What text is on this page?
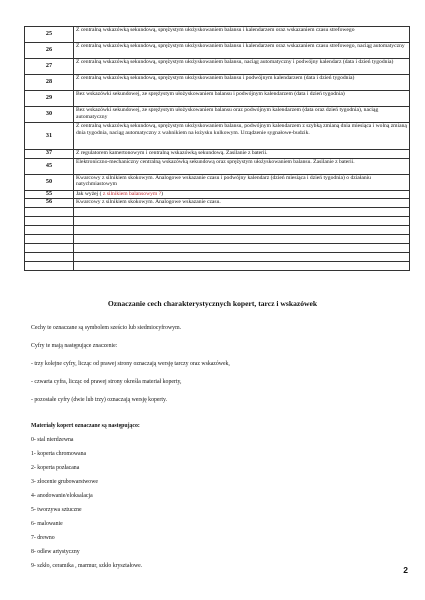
25	Z centralną wskazówką sekundową, sprężystym ułożyskowaniem balansu i kalendarzem oraz wskazaniem czasu strefowego
26	Z centralną wskazówką sekundową, sprężystym ułożyskowaniem balansu i kalendarzem oraz wskazaniem czasu strefowego, naciąg automatyczny
27	Z centralną wskazówką sekundową, sprężystym ułożyskowaniem balansu, naciąg automatyczny i podwójny kalendarz (data i dzień tygodnia)
28	Z centralną wskazówką sekundową, sprężystym ułożyskowaniem balansu i podwójnym kalendarzem (data i dzień tygodnia)
29	Bez wskazówki sekundowej, ze sprężystym ułożyskowaniem balansu i podwójnym kalendarzem (data i dzień tygodnia)
30	Bez wskazówki sekundowej, ze sprężystym ułożyskowaniem balansu oraz podwójnym kalendarzem (data oraz dzień tygodnia), naciąg automatyczny
31	Z centralną wskazówką sekundową, sprężystym ułożyskowaniem balansu, podwójnym kalendarzem z szybką zmianą dnia miesiąca i wolną zmianą dnia tygodnia, naciąg automatyczny z wahnikiem na łożysku kulkowym. Urządzenie sygnałowe-budzik.
37	Z regulatorem kamertonowym i centralną wskazówką sekundową. Zasilanie z baterii.
45	Elektroniczno-mechaniczny centralną wskazówką sekundową oraz sprężystym ułożyskowaniem balansu. Zasilanie z baterii.
50	Kwarcowy z silnikiem skokowym. Analogowe wskazanie czasu i podwójny kalendarz (dzień miesiąca i dzień tygodnia) o działaniu natychmiastowym
55	Jak wyżej ( z silnikiem balansowym ?)
56	Kwarcowy z silnikiem skokowym. Analogowe wskazanie czasu.

Oznaczanie cech charakterystycznych kopert, tarcz i wskazówek

Cechy te oznaczane są symbolem sześcio lub siedmiocyfrowym.

Cyfry te mają następujące znaczenie:

- trzy kolejne cyfry, licząc od prawej strony oznaczają wersję tarczy oraz wskazówek,

- czwarta cyfra, licząc od prawej strony określa materiał koperty,

- pozostałe cyfry (dwie lub trzy) oznaczają wersję koperty.

Materiały kopert oznaczane są następująco:

0- stal nierdzewna

1- koperta chromowana

2- koperta pozłacana

3- złocenie grubowarstwowe

4- anodowanie/eloksalacja

5- tworzywa sztuczne

6- malowanie

7- drewno

8- odlew artystyczny

9- szkło, ceramika , marmur, szkło kryształowe.	2
